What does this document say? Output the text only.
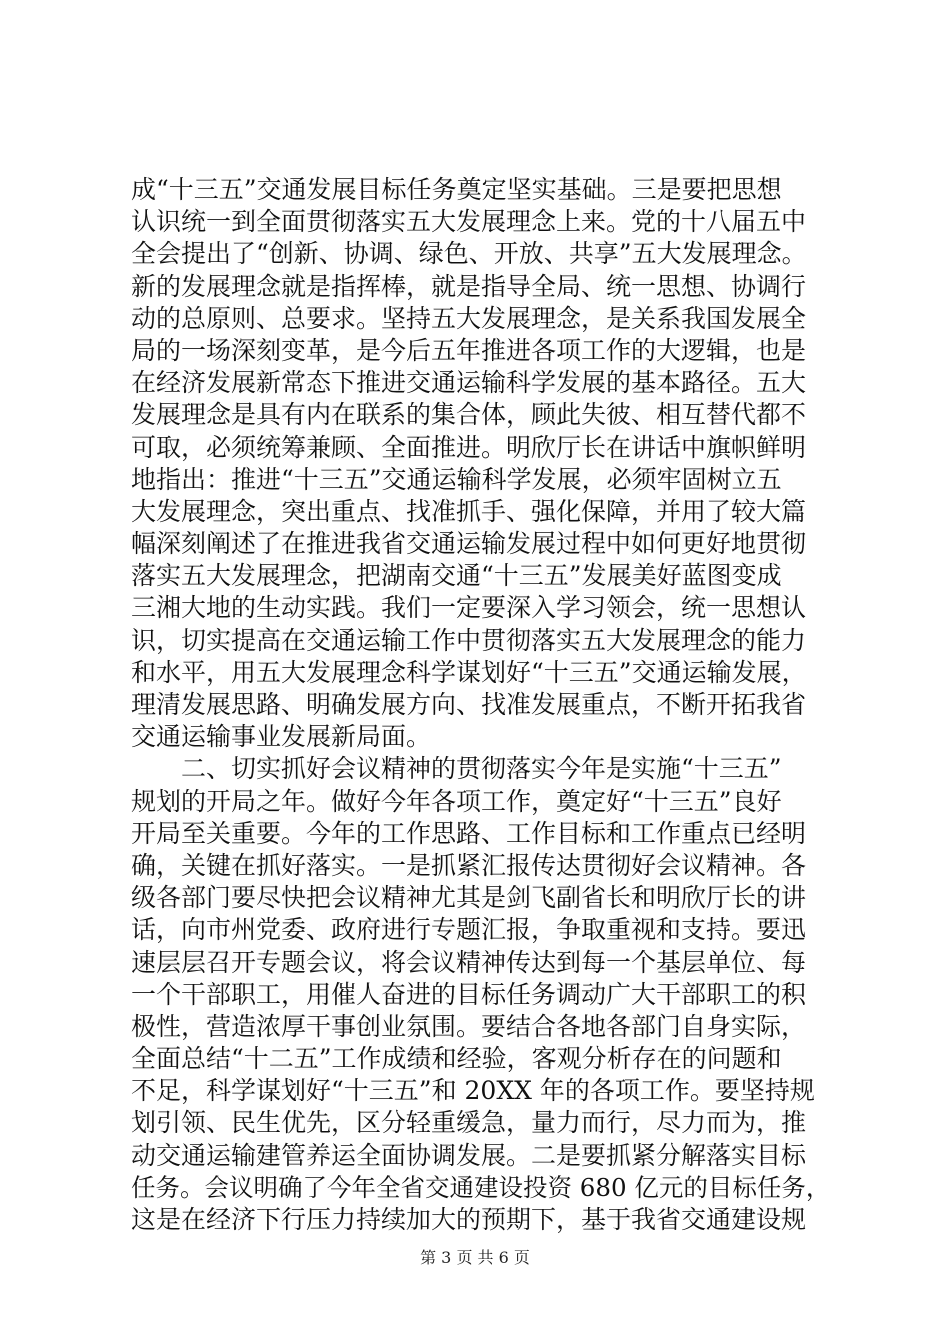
成“十三五”交通发展目标任务奠定坚实基础。三是要把思想
认识统一到全面贯彻落实五大发展理念上来。党的十八届五中
全会提出了“创新、协调、绿色、开放、共享”五大发展理念。
新的发展理念就是指挥棒，就是指导全局、统一思想、协调行
动的总原则、总要求。坚持五大发展理念，是关系我国发展全
局的一场深刻变革，是今后五年推进各项工作的大逻辑，也是
在经济发展新常态下推进交通运输科学发展的基本路径。五大
发展理念是具有内在联系的集合体，顾此失彼、相互替代都不
可取，必须统筹兼顾、全面推进。明欣厅长在讲话中旗帜鲜明
地指出：推进“十三五”交通运输科学发展，必须牢固树立五
大发展理念，突出重点、找准抓手、强化保障，并用了较大篇
幅深刻阐述了在推进我省交通运输发展过程中如何更好地贯彻
落实五大发展理念，把湖南交通“十三五”发展美好蓝图变成
三湘大地的生动实践。我们一定要深入学习领会，统一思想认
识，切实提高在交通运输工作中贯彻落实五大发展理念的能力
和水平，用五大发展理念科学谋划好“十三五”交通运输发展，
理清发展思路、明确发展方向、找准发展重点，不断开拓我省
交通运输事业发展新局面。
　　二、切实抓好会议精神的贯彻落实今年是实施“十三五”
规划的开局之年。做好今年各项工作，奠定好“十三五”良好
开局至关重要。今年的工作思路、工作目标和工作重点已经明
确，关键在抓好落实。一是抓紧汇报传达贯彻好会议精神。各
级各部门要尽快把会议精神尤其是剑飞副省长和明欣厅长的讲
话，向市州党委、政府进行专题汇报，争取重视和支持。要迅
速层层召开专题会议，将会议精神传达到每一个基层单位、每
一个干部职工，用催人奋进的目标任务调动广大干部职工的积
极性，营造浓厚干事创业氛围。要结合各地各部门自身实际，
全面总结“十二五”工作成绩和经验，客观分析存在的问题和
不足，科学谋划好“十三五”和 20XX 年的各项工作。要坚持规
划引领、民生优先，区分轻重缓急，量力而行，尽力而为，推
动交通运输建管养运全面协调发展。二是要抓紧分解落实目标
任务。会议明确了今年全省交通建设投资 680 亿元的目标任务，
这是在经济下行压力持续加大的预期下，基于我省交通建设规
第 3 页 共 6 页
